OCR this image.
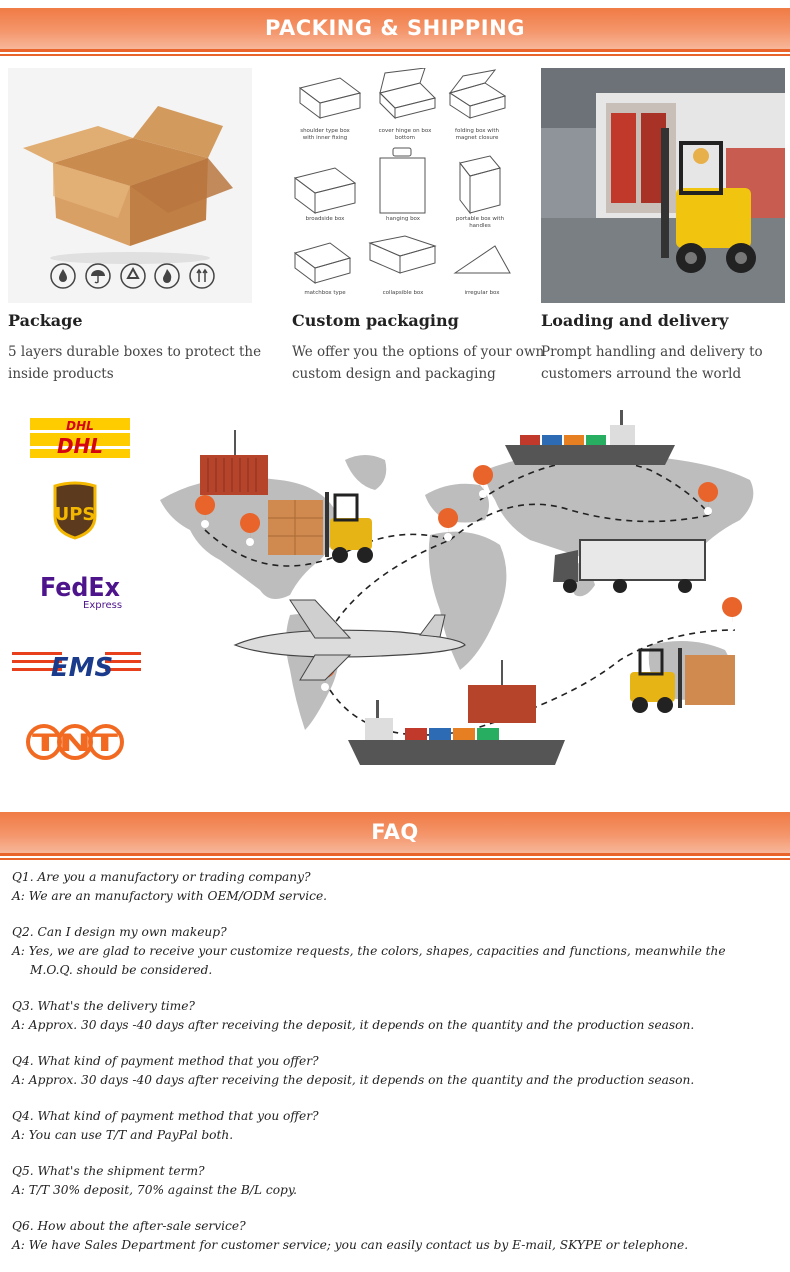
PACKING & SHIPPING
shoulder type box with inner fixing
cover hinge on box bottom
folding box with magnet closure
broadside box	hanging box	portable box with handles
matchbox type	collapsible box	irregular box
Package	Custom packaging	Loading and delivery
5 layers durable boxes to protect the
inside products
We offer you the options of your own
custom design and packaging
Prompt handling and delivery to
customers arround the world
DHL
DHL
UPS
FedEx
Express
EMS
TNT
FAQ
Q1. Are you a manufactory or trading company?
A: We are an manufactory with OEM/ODM service.
Q2. Can I design my own makeup?
A: Yes, we are glad to receive your customize requests, the colors, shapes, capacities and functions, meanwhile the
M.O.Q. should be considered.
Q3. What's the delivery time?
A: Approx. 30 days -40 days after receiving the deposit, it depends on the quantity and the production season.
Q4. What kind of payment method that you offer?
A: Approx. 30 days -40 days after receiving the deposit, it depends on the quantity and the production season.
Q4. What kind of payment method that you offer?
A: You can use T/T and PayPal both.
Q5. What's the shipment term?
A: T/T 30% deposit, 70% against the B/L copy.
Q6. How about the after-sale service?
A: We have Sales Department for customer service; you can easily contact us by E-mail, SKYPE or telephone.
